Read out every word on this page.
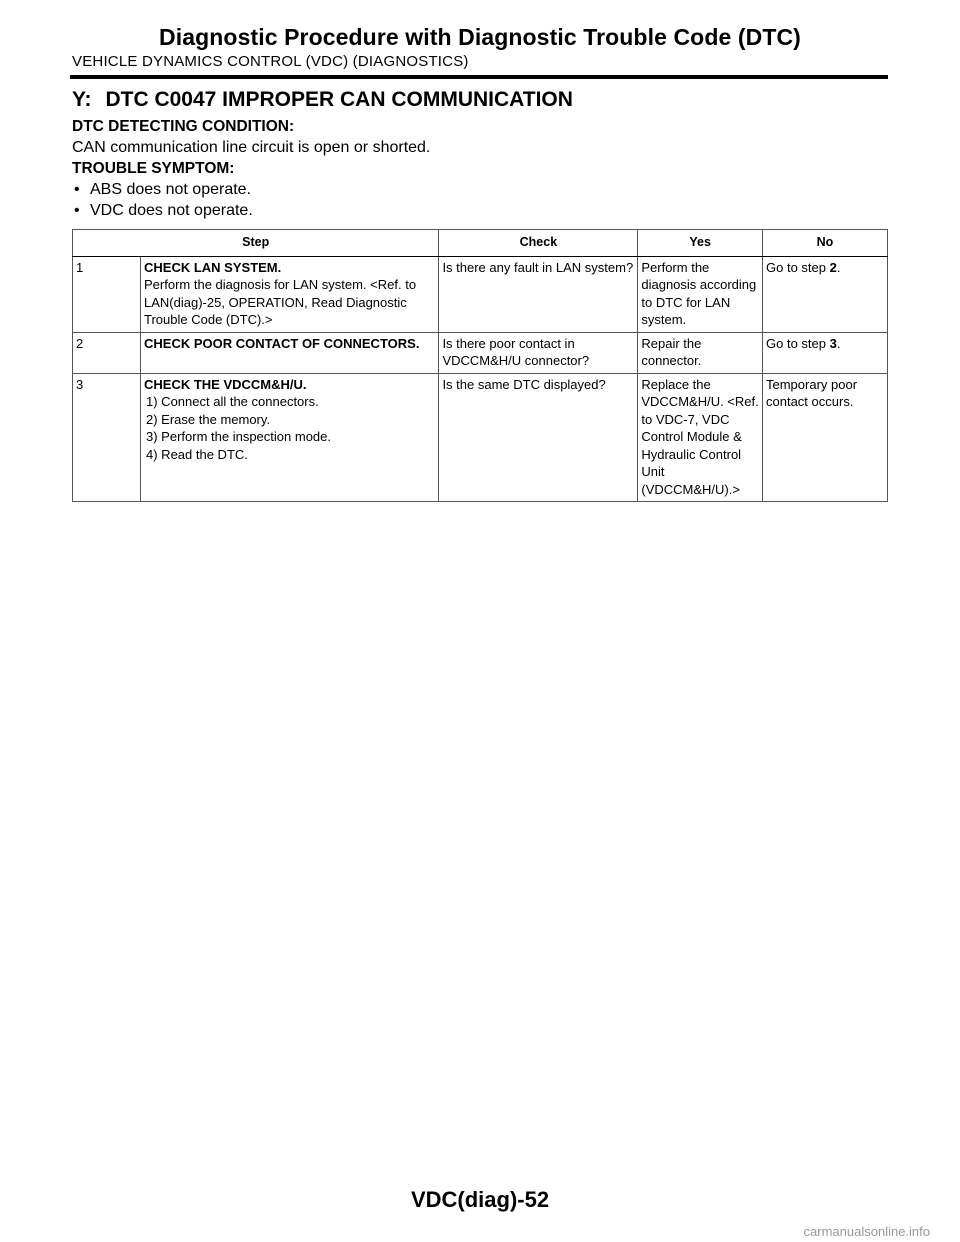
Diagnostic Procedure with Diagnostic Trouble Code (DTC)
VEHICLE DYNAMICS CONTROL (VDC) (DIAGNOSTICS)
Y: DTC C0047 IMPROPER CAN COMMUNICATION
DTC DETECTING CONDITION:
CAN communication line circuit is open or shorted.
TROUBLE SYMPTOM:
• ABS does not operate.
• VDC does not operate.
Step		Check	Yes	No
1	CHECK LAN SYSTEM.
Perform the diagnosis for LAN system. <Ref. to LAN(diag)-25, OPERATION, Read Diagnostic Trouble Code (DTC).>	Is there any fault in LAN system?	Perform the diagnosis according to DTC for LAN system.	Go to step 2.
2	CHECK POOR CONTACT OF CONNECTORS.	Is there poor contact in VDCCM&H/U connector?	Repair the connector.	Go to step 3.
3	CHECK THE VDCCM&H/U.
1) Connect all the connectors.
2) Erase the memory.
3) Perform the inspection mode.
4) Read the DTC.	Is the same DTC displayed?	Replace the VDCCM&H/U. <Ref. to VDC-7, VDC Control Module & Hydraulic Control Unit (VDCCM&H/U).>	Temporary poor contact occurs.
VDC(diag)-52
carmanualsonline.info
